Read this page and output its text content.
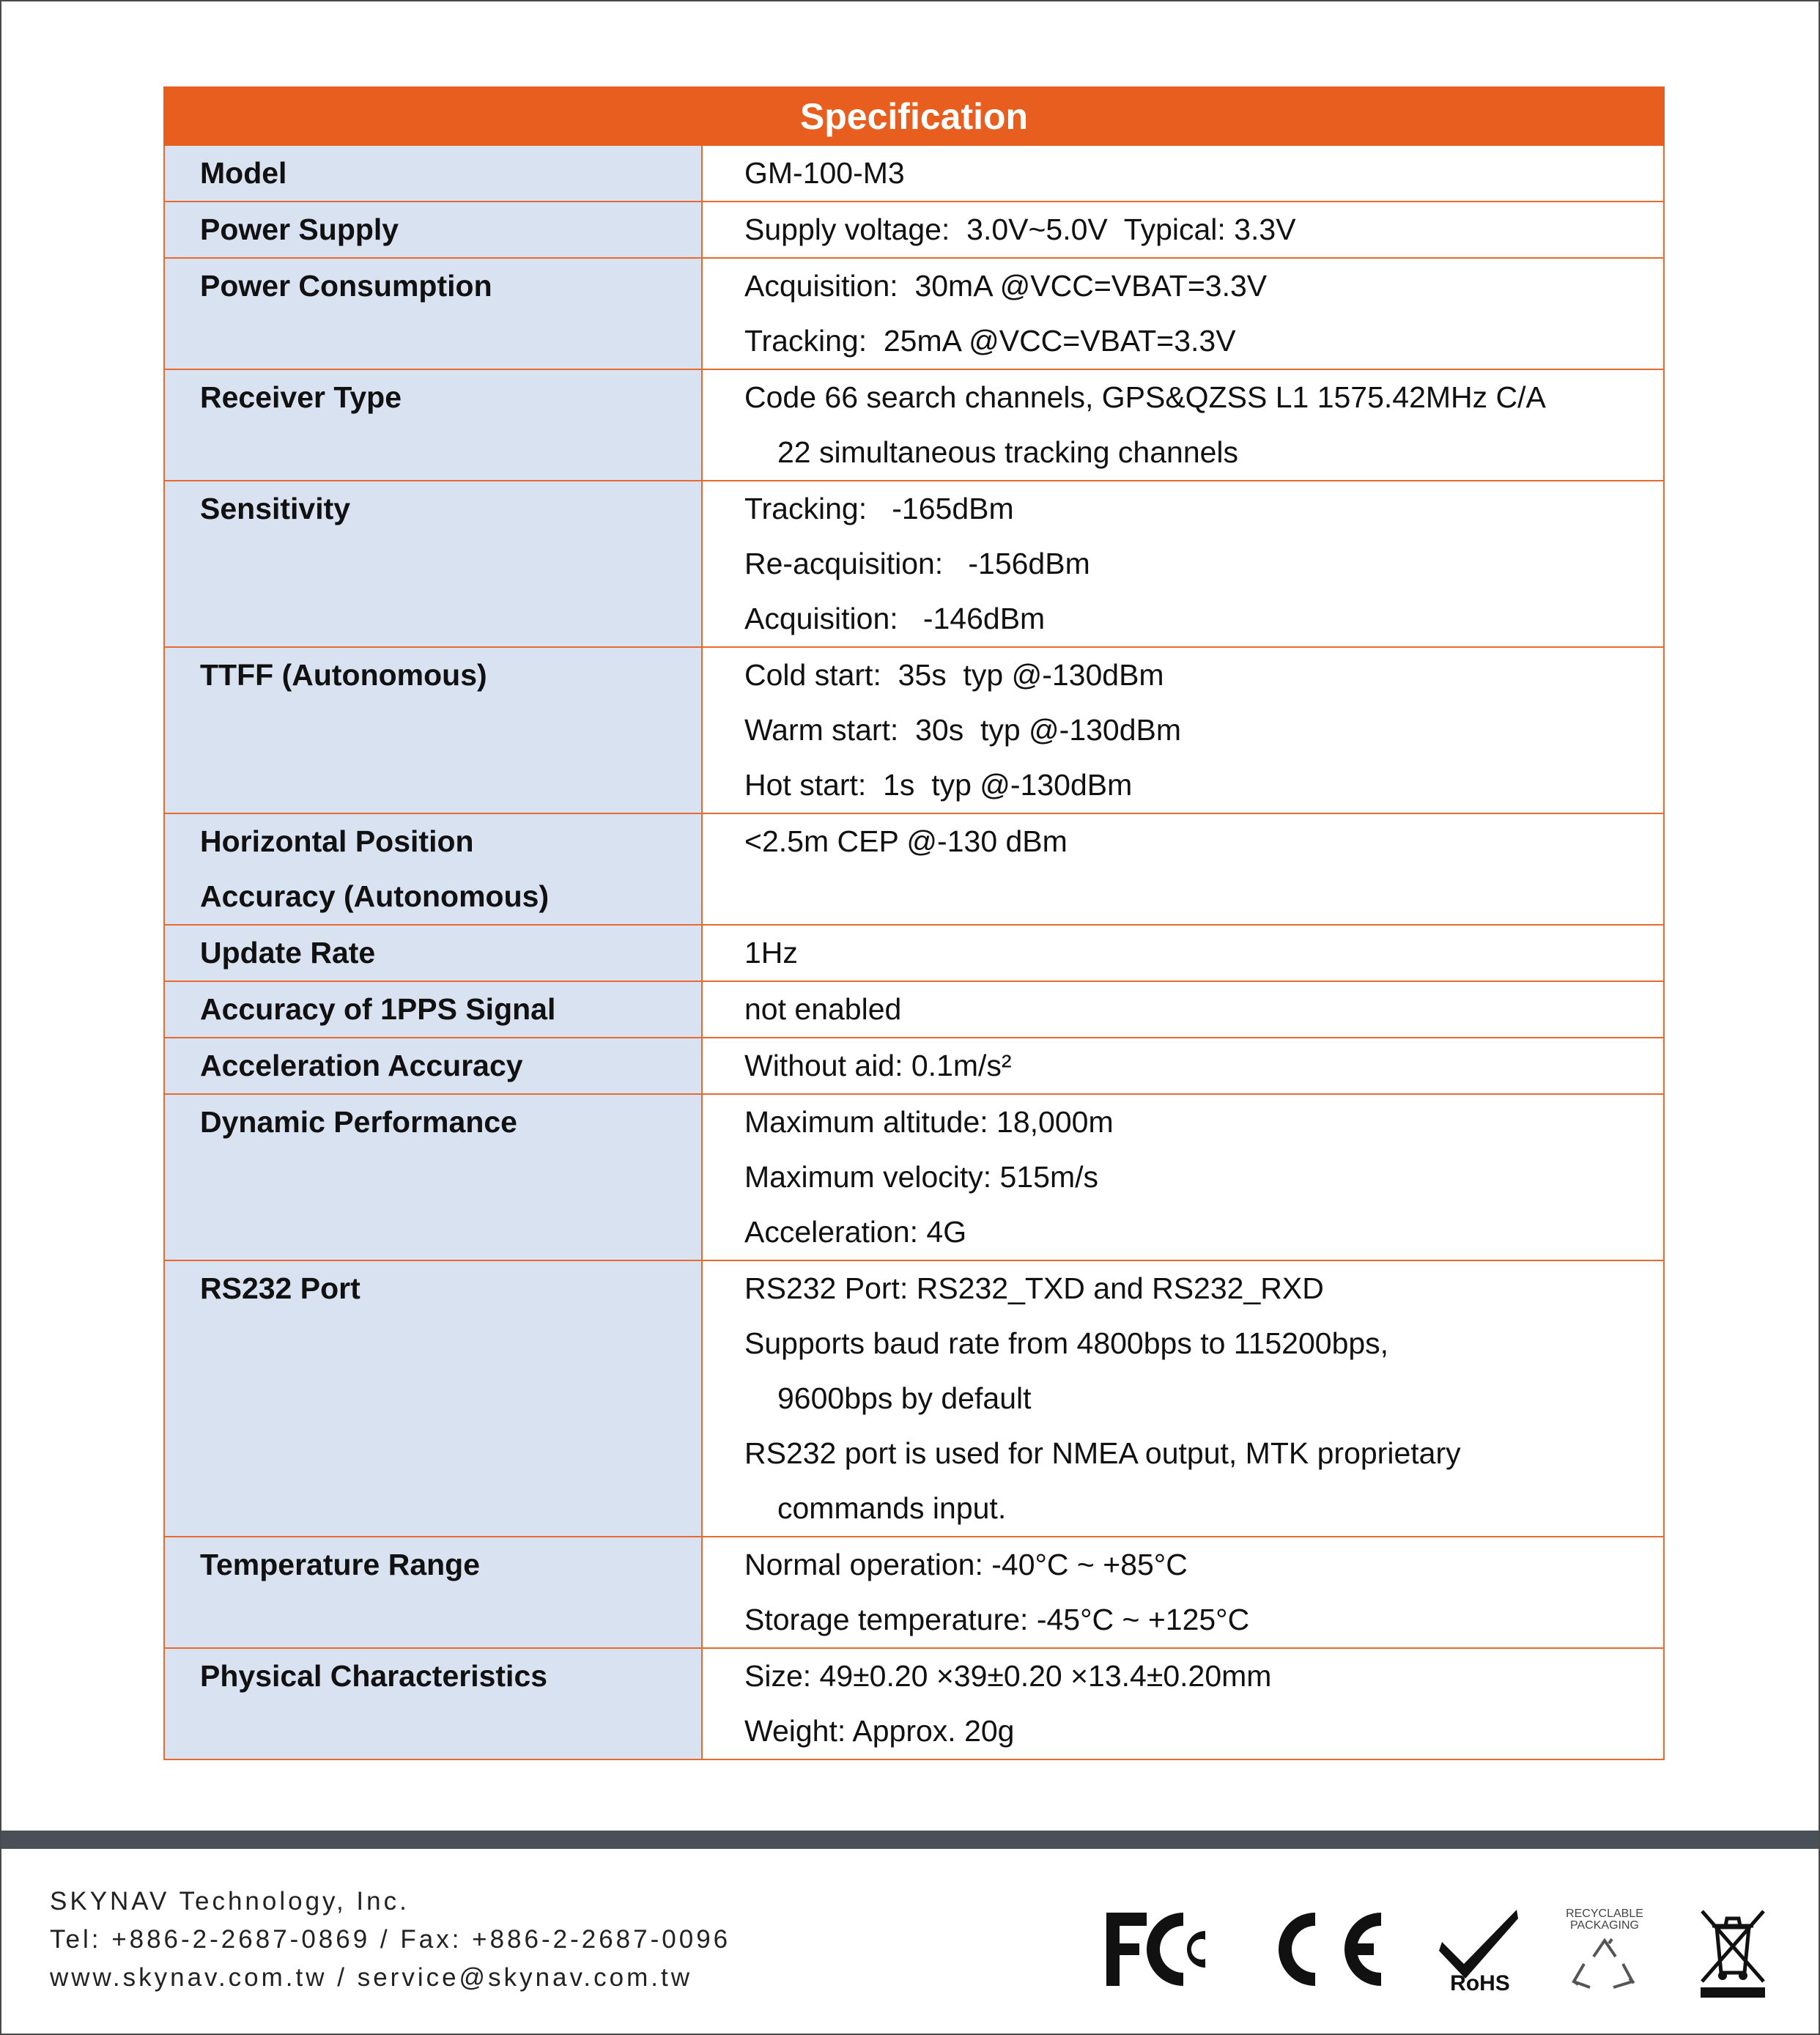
Specification	

Model	GM-100-M3

Power Supply	Supply voltage:  3.0V~5.0V  Typical: 3.3V

Power Consumption	Acquisition:  30mA @VCC=VBAT=3.3V
Tracking:  25mA @VCC=VBAT=3.3V

Receiver Type	Code 66 search channels, GPS&QZSS L1 1575.42MHz C/A
22 simultaneous tracking channels

Sensitivity	Tracking:   -165dBm
Re-acquisition:   -156dBm
Acquisition:   -146dBm

TTFF (Autonomous)	Cold start:  35s  typ @-130dBm
Warm start:  30s  typ @-130dBm
Hot start:  1s  typ @-130dBm

Horizontal Position
Accuracy (Autonomous)	<2.5m CEP @-130 dBm

Update Rate	1Hz

Accuracy of 1PPS Signal	not enabled

Acceleration Accuracy	Without aid: 0.1m/s²

Dynamic Performance	Maximum altitude: 18,000m
Maximum velocity: 515m/s
Acceleration: 4G

RS232 Port	RS232 Port: RS232_TXD and RS232_RXD
Supports baud rate from 4800bps to 115200bps,
9600bps by default
RS232 port is used for NMEA output, MTK proprietary
commands input.

Temperature Range	Normal operation: -40°C ~ +85°C
Storage temperature: -45°C ~ +125°C

Physical Characteristics	Size: 49±0.20 ×39±0.20 ×13.4±0.20mm
Weight: Approx. 20g
SKYNAV Technology, Inc.
Tel: +886-2-2687-0869 / Fax: +886-2-2687-0096
www.skynav.com.tw / service@skynav.com.tw	RoHS
RECYCLABLE
PACKAGING
